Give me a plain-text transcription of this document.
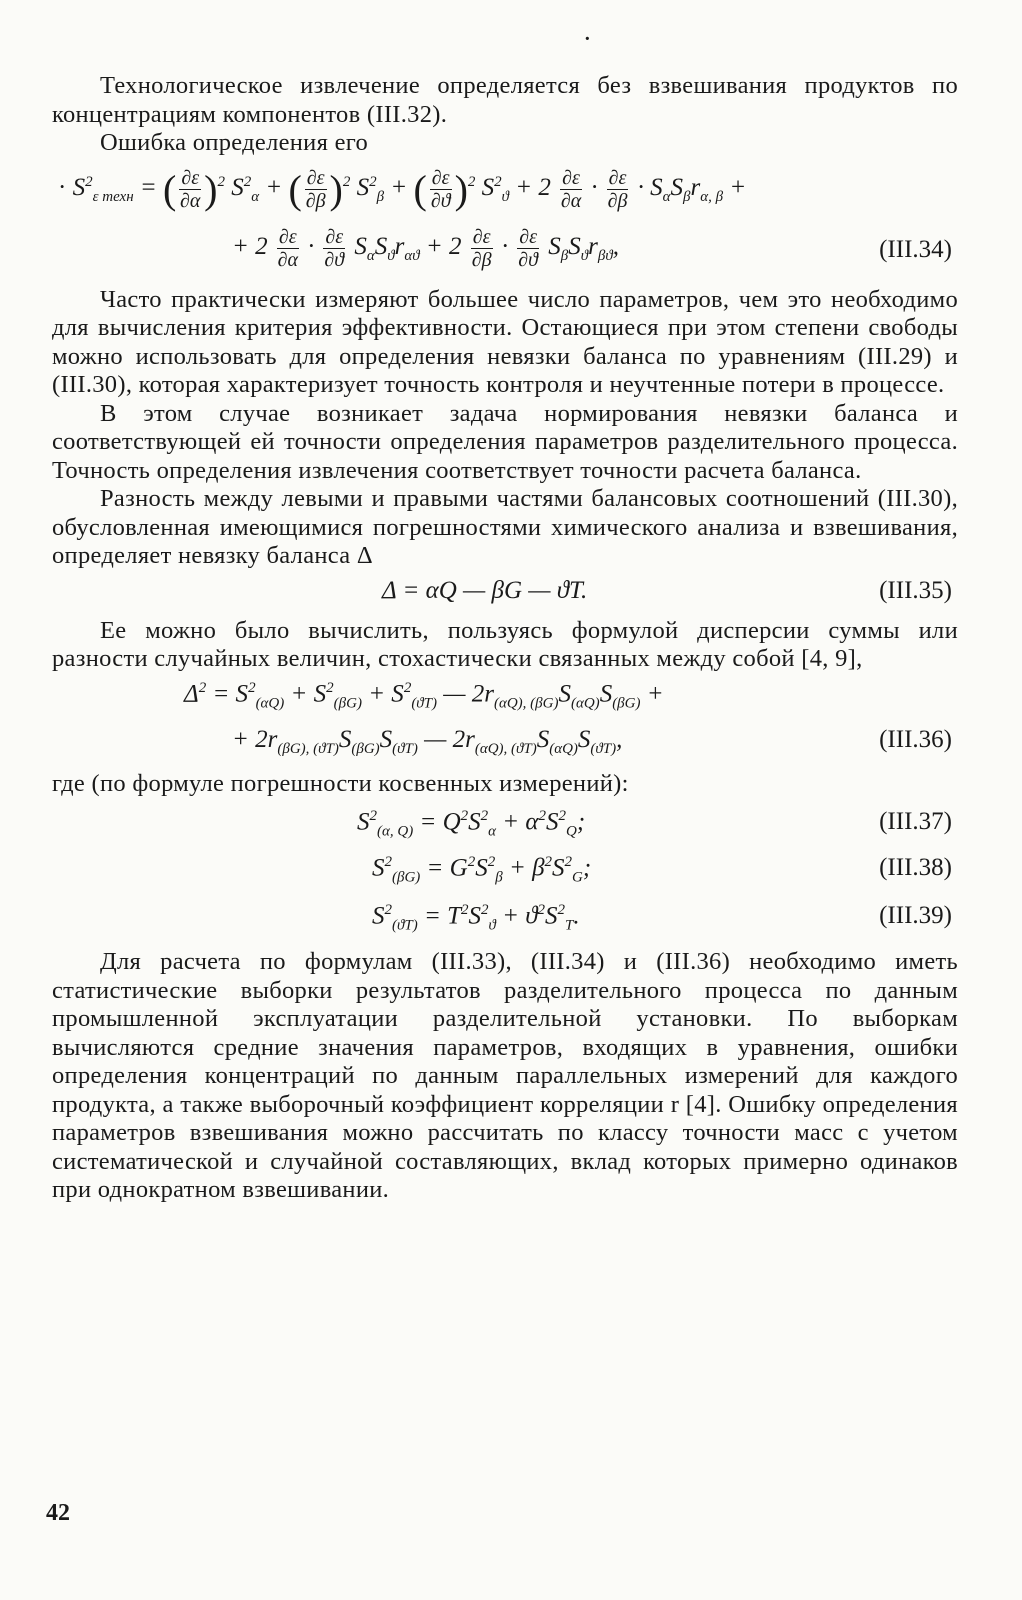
·

Технологическое извлечение определяется без взвешивания продуктов по концентрациям компонентов (III.32).

Ошибка определения его

· $S^2_{\varepsilon техн}$ = ( $\frac{\partial\varepsilon}{\partial\alpha} )^2$ $S^2_\alpha$ + ( $\frac{\partial\varepsilon}{\partial\beta} )^2$ $S^2_\beta$ + ( $\frac{\partial\varepsilon}{\partial ϑ} )^2$ $S^2_ϑ + 2 \frac{\partial\varepsilon}{\partial\alpha} \cdot \frac{\partial\varepsilon}{\partial\beta} \cdot S_\alpha S_\beta r_{\alpha, \beta}$ +
+ $2 \frac{\partial\varepsilon}{\partial\alpha} \cdot \frac{\partial\varepsilon}{\partial ϑ} S_\alpha S_ϑr_{\alpha ϑ} + 2 \frac{\partial\varepsilon}{\partial\beta} \cdot \frac{\partial\varepsilon}{\partial ϑ} S_\beta S_ϑr_{\beta ϑ}$,	(III.34)

Часто практически измеряют большее число параметров, чем это необходимо для вычисления критерия эффективности. Остающиеся при этом степени свободы можно использовать для определения невязки баланса по уравнениям (III.29) и (III.30), которая характеризует точность контроля и неучтенные потери в процессе.

В этом случае возникает задача нормирования невязки баланса и соответствующей ей точности определения параметров разделительного процесса. Точность определения извлечения соответствует точности расчета баланса.

Разность между левыми и правыми частями балансовых соотношений (III.30), обусловленная имеющимися погрешностями химического анализа и взвешивания, определяет невязку баланса Δ

Δ = αQ — βG — ϑT.	(III.35)

Ее можно было вычислить, пользуясь формулой дисперсии суммы или разности случайных величин, стохастически связанных между собой [4, 9],

$\Delta^2 = S^2_{(\alpha Q)} + S^2_{(\beta G)} + S^2_{(ϑT)}$ — $2r_{(\alpha Q), (\beta G)}S_{(\alpha Q)}S_{(\beta G)}$ +
+ $2r_{(\beta G), (ϑT)}S_{(\beta G)}S_{(ϑT)}$ — $2r_{(\alpha Q), (ϑT)}S_{(\alpha Q)}S_{(ϑT)}$,	(III.36)

где (по формуле погрешности косвенных измерений):

$S^2_{(\alpha, Q)} = Q^2S^2_\alpha + \alpha^2S^2_Q$;	(III.37)
$S^2_{(\beta G)} = G^2S^2_\beta + \beta^2S^2_G$;	(III.38)
$S^2_{(ϑT)} = T^2S^2_ϑ + ϑ^2S^2_T$.	(III.39)

Для расчета по формулам (III.33), (III.34) и (III.36) необходимо иметь статистические выборки результатов разделительного процесса по данным промышленной эксплуатации разделительной установки. По выборкам вычисляются средние значения параметров, входящих в уравнения, ошибки определения концентраций по данным параллельных измерений для каждого продукта, а также выборочный коэффициент корреляции r [4]. Ошибку определения параметров взвешивания можно рассчитать по классу точности масс с учетом систематической и случайной составляющих, вклад которых примерно одинаков при однократном взвешивании.

42
